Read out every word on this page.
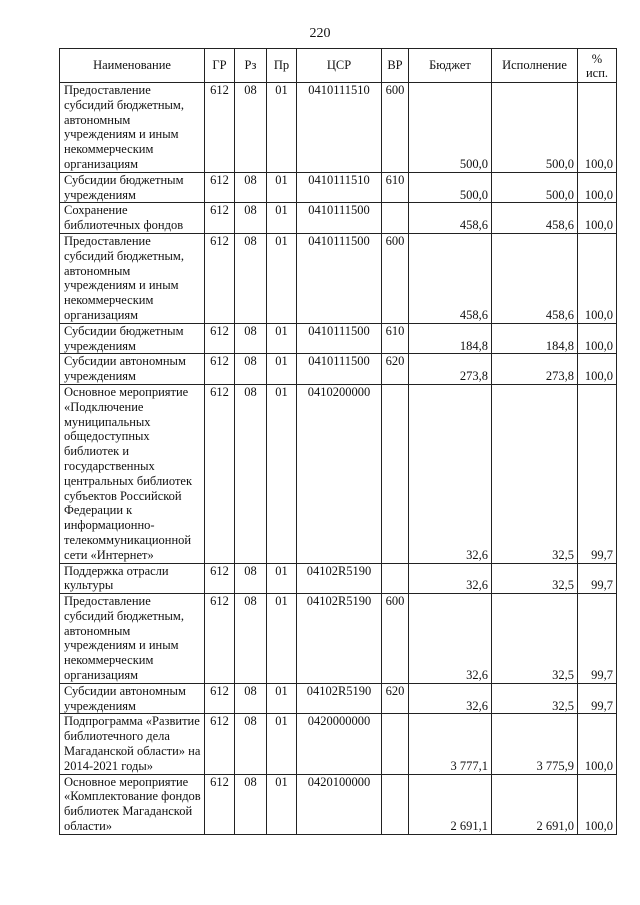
220
Наименование	ГР	Рз	Пр	ЦСР	ВР	Бюджет	Исполнение	%
исп.
Предоставление субсидий бюджетным, автономным учреждениям и иным некоммерческим организациям	612	08	01	0410111510	600	500,0	500,0	100,0
Субсидии бюджетным учреждениям	612	08	01	0410111510	610	500,0	500,0	100,0
Сохранение библиотечных фондов	612	08	01	0410111500		458,6	458,6	100,0
Предоставление субсидий бюджетным, автономным учреждениям и иным некоммерческим организациям	612	08	01	0410111500	600	458,6	458,6	100,0
Субсидии бюджетным учреждениям	612	08	01	0410111500	610	184,8	184,8	100,0
Субсидии автономным учреждениям	612	08	01	0410111500	620	273,8	273,8	100,0
Основное мероприятие «Подключение муниципальных общедоступных библиотек и государственных центральных библиотек субъектов Российской Федерации к информационно-телекоммуникационной сети «Интернет»	612	08	01	0410200000		32,6	32,5	99,7
Поддержка отрасли культуры	612	08	01	04102R5190		32,6	32,5	99,7
Предоставление субсидий бюджетным, автономным учреждениям и иным некоммерческим организациям	612	08	01	04102R5190	600	32,6	32,5	99,7
Субсидии автономным учреждениям	612	08	01	04102R5190	620	32,6	32,5	99,7
Подпрограмма «Развитие библиотечного дела Магаданской области» на 2014-2021 годы»	612	08	01	0420000000		3 777,1	3 775,9	100,0
Основное мероприятие «Комплектование фондов библиотек Магаданской области»	612	08	01	0420100000		2 691,1	2 691,0	100,0
